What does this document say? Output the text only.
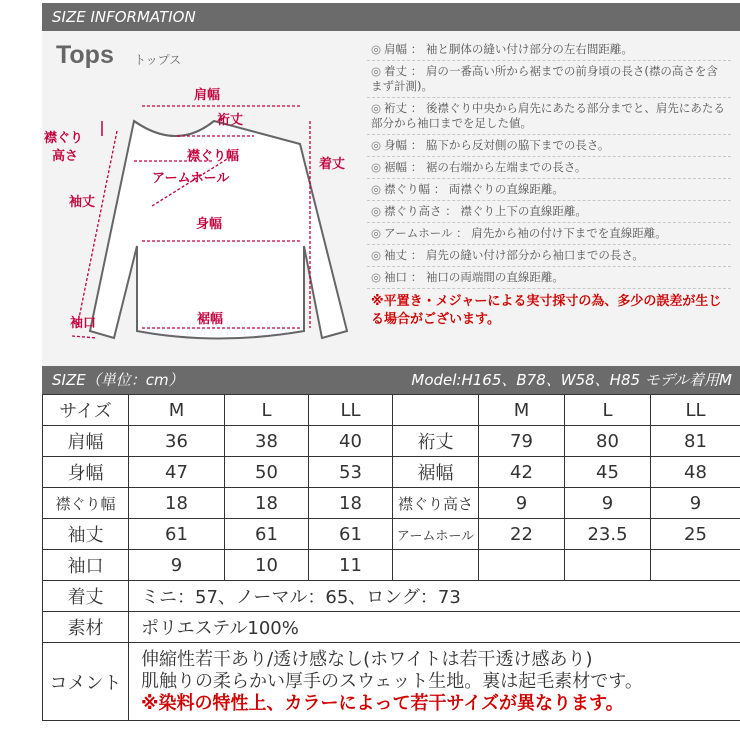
SIZE INFORMATION
Tops トップス
肩幅
裄丈
襟ぐり幅
襟ぐり
高さ
アームホール
袖丈
身幅
着丈
袖口	裾幅
◎ 肩幅 ： 袖と胴体の縫い付け部分の左右間距離。
◎ 着丈 ： 肩の一番高い所から裾までの前身頃の長さ(襟の高さを含まず計測)。
◎ 裄丈 ： 後襟ぐり中央から肩先にあたる部分までと、肩先にあたる部分から袖口までを足した値。
◎ 身幅 ： 脇下から反対側の脇下までの長さ。
◎ 裾幅 ： 裾の右端から左端までの長さ。
◎ 襟ぐり幅 ： 両襟ぐりの直線距離。
◎ 襟ぐり高さ ： 襟ぐり上下の直線距離。
◎ アームホール ： 肩先から袖の付け下までを直線距離。
◎ 袖丈 ： 肩先の縫い付け部分から袖口までの長さ。
◎ 袖口 ： 袖口の両端間の直線距離。
※平置き・メジャーによる実寸採寸の為、多少の誤差が生じる場合がございます。
SIZE（単位：cm）	Model:H165、B78、W58、H85 モデル着用M
サイズ	M	L	LL		M	L	LL
肩幅	36	38	40	裄丈	79	80	81
身幅	47	50	53	裾幅	42	45	48
襟ぐり幅	18	18	18	襟ぐり高さ	9	9	9
袖丈	61	61	61	アームホール	22	23.5	25
袖口	9	10	11				
着丈	ミニ：57、ノーマル：65、ロング：73						
素材	ポリエステル100%						
コメント	伸縮性若干あり/透け感なし(ホワイトは若干透け感あり)
肌触りの柔らかい厚手のスウェット生地。裏は起毛素材です。
※染料の特性上、カラーによって若干サイズが異なります。						
